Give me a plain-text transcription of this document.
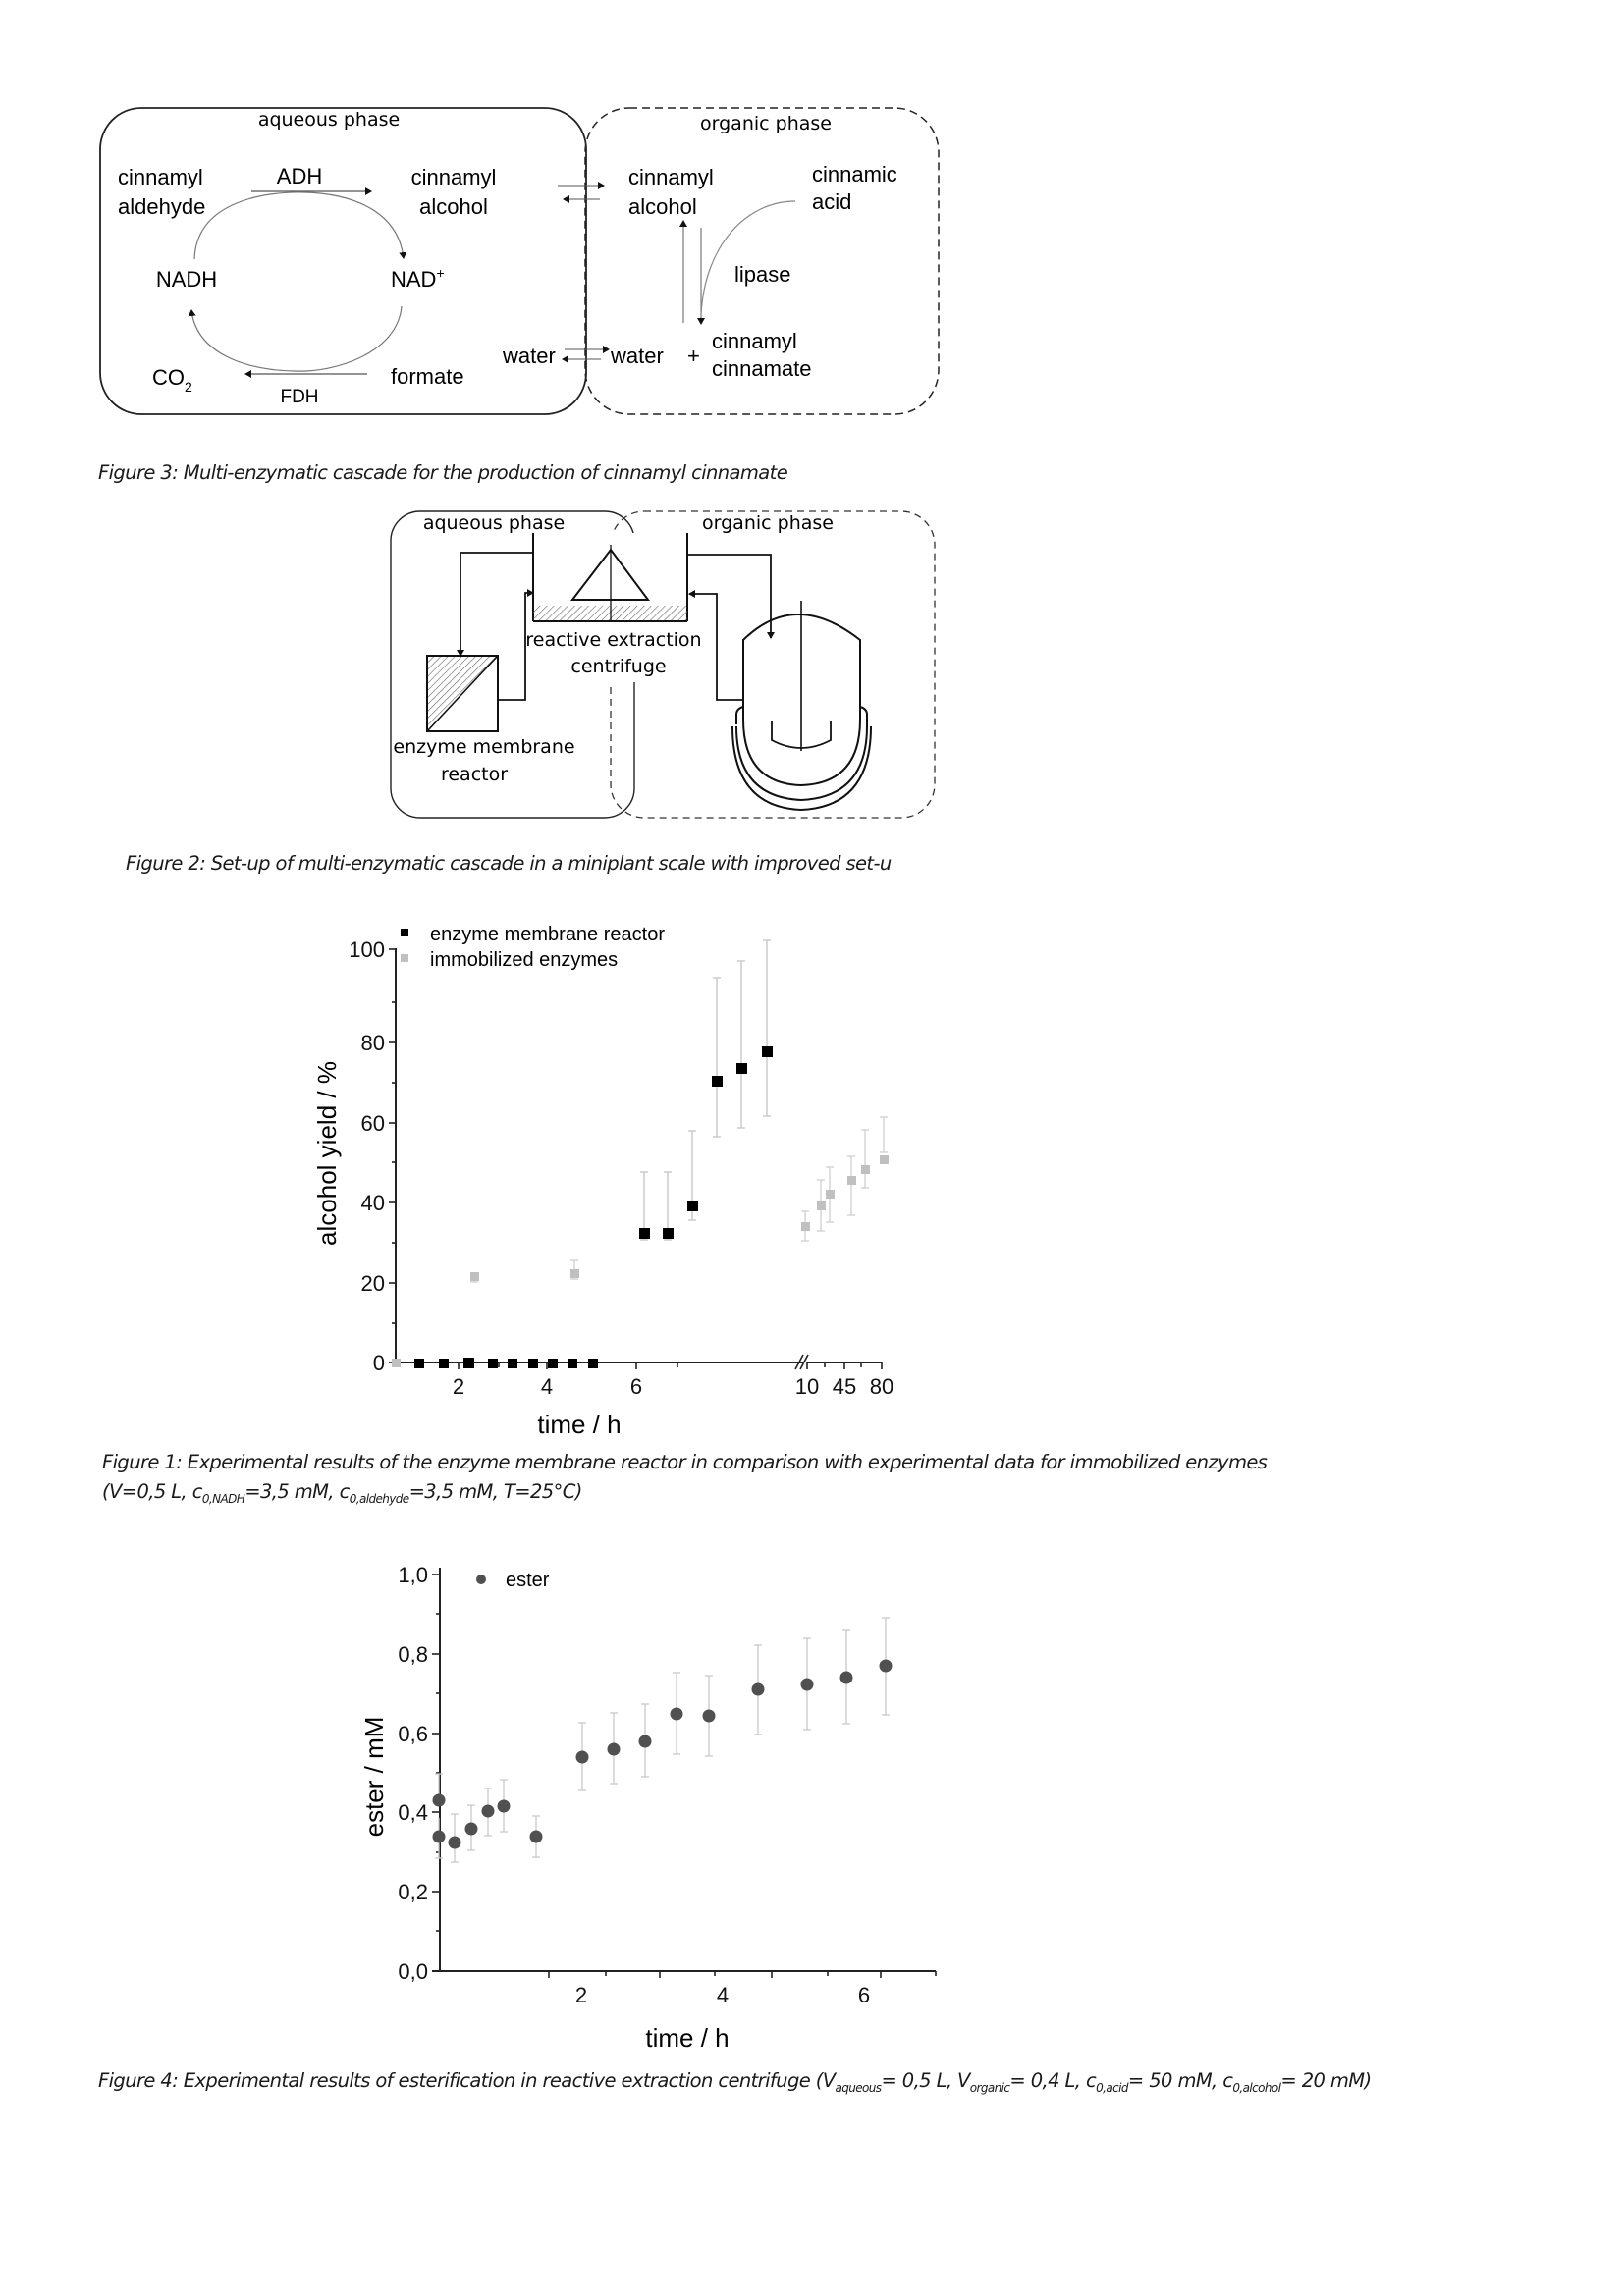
aqueous phase	organic phase
cinnamyl
aldehyde
ADH	cinnamyl
alcohol
NADH	NAD+
$CO_2$	FDH
formate
water
cinnamyl
alcohol
cinnamic
acid
lipase
water +
cinnamyl
cinnamate
Figure 3: Multi-enzymatic cascade for the production of cinnamyl cinnamate
aqueous phase	organic phase
reactive extraction
centrifuge
enzyme membrane
reactor
Figure 2: Set-up of multi-enzymatic cascade in a miniplant scale with improved set-u
0
20
40
60
80
100
2	4	6	10 45 80
time / h
alcohol yield / %
enzyme membrane reactor
immobilized enzymes
Figure 1: Experimental results of the enzyme membrane reactor in comparison with experimental data for immobilized enzymes
(V=0,5 L, $c_{0,NADH}=3,5$ mM, $c_{0,aldehyde}=3,5$ mM, T=25°C)
0,0
0,2
0,4
0,6
0,8
1,0
2	4	6
time / h
ester / mM
ester
Figure 4: Experimental results of esterification in reactive extraction centrifuge ($V_{aqueous}= 0,5$ L, $V_{organic}= 0,4$ L, $c_{0,acid}= 50$ mM, $c_{0,alcohol}= 20$ mM)
